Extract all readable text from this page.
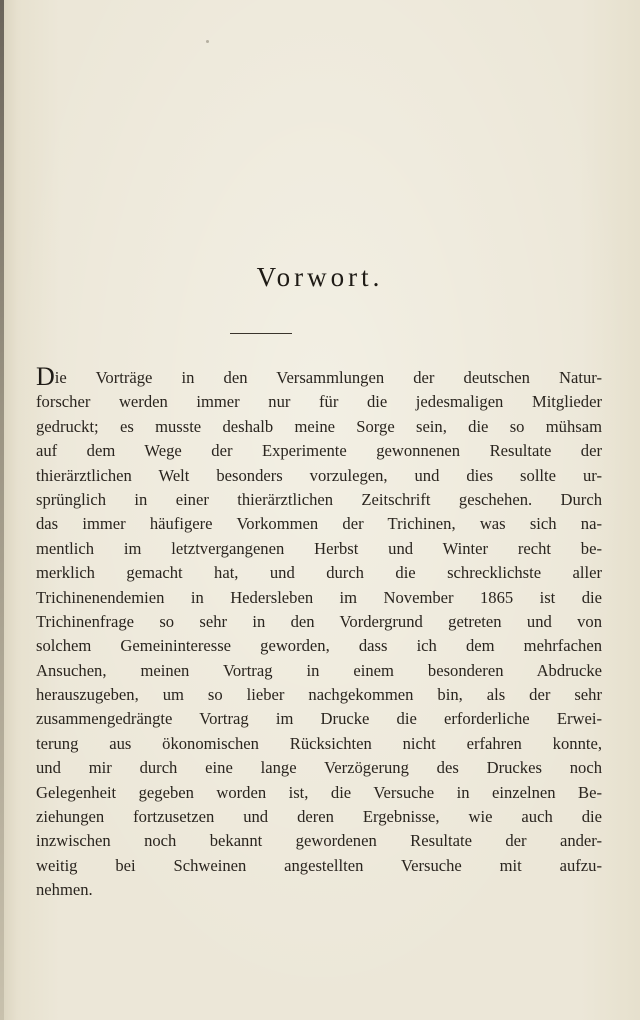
Vorwort.
Die Vorträge in den Versammlungen der deutschen Natur-
forscher werden immer nur für die jedesmaligen Mitglieder
gedruckt; es musste deshalb meine Sorge sein, die so mühsam
auf dem Wege der Experimente gewonnenen Resultate der
thierärztlichen Welt besonders vorzulegen, und dies sollte ur-
sprünglich in einer thierärztlichen Zeitschrift geschehen. Durch
das immer häufigere Vorkommen der Trichinen, was sich na-
mentlich im letztvergangenen Herbst und Winter recht be-
merklich gemacht hat, und durch die schrecklichste aller
Trichinenendemien in Hedersleben im November 1865 ist die
Trichinenfrage so sehr in den Vordergrund getreten und von
solchem Gemeininteresse geworden, dass ich dem mehrfachen
Ansuchen, meinen Vortrag in einem besonderen Abdrucke
herauszugeben, um so lieber nachgekommen bin, als der sehr
zusammengedrängte Vortrag im Drucke die erforderliche Erwei-
terung aus ökonomischen Rücksichten nicht erfahren konnte,
und mir durch eine lange Verzögerung des Druckes noch
Gelegenheit gegeben worden ist, die Versuche in einzelnen Be-
ziehungen fortzusetzen und deren Ergebnisse, wie auch die
inzwischen noch bekannt gewordenen Resultate der ander-
weitig bei Schweinen angestellten Versuche mit aufzu-
nehmen.
